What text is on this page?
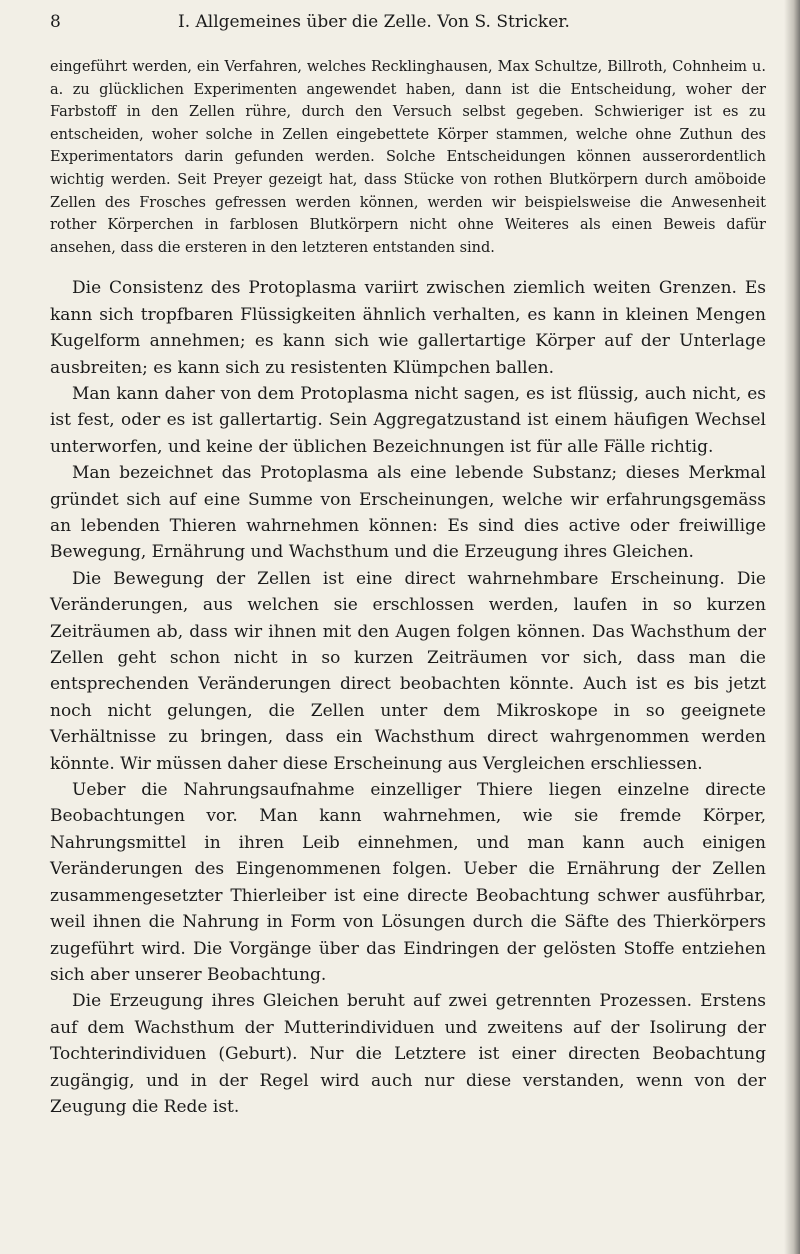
8	I. Allgemeines über die Zelle. Von S. Stricker.
eingeführt werden, ein Verfahren, welches Recklinghausen, Max Schultze, Billroth, Cohnheim u. a. zu glücklichen Experimenten angewendet haben, dann ist die Entscheidung, woher der Farbstoff in den Zellen rühre, durch den Versuch selbst gegeben. Schwieriger ist es zu entscheiden, woher solche in Zellen eingebettete Körper stammen, welche ohne Zuthun des Experimentators darin gefunden werden. Solche Entscheidungen können ausserordentlich wichtig werden. Seit Preyer gezeigt hat, dass Stücke von rothen Blutkörpern durch amöboide Zellen des Frosches gefressen werden können, werden wir beispielsweise die Anwesenheit rother Körperchen in farblosen Blutkörpern nicht ohne Weiteres als einen Beweis dafür ansehen, dass die ersteren in den letzteren entstanden sind.

Die Consistenz des Protoplasma variirt zwischen ziemlich weiten Grenzen. Es kann sich tropfbaren Flüssigkeiten ähnlich verhalten, es kann in kleinen Mengen Kugelform annehmen; es kann sich wie gallertartige Körper auf der Unterlage ausbreiten; es kann sich zu resistenten Klümpchen ballen.

Man kann daher von dem Protoplasma nicht sagen, es ist flüssig, auch nicht, es ist fest, oder es ist gallertartig. Sein Aggregatzustand ist einem häufigen Wechsel unterworfen, und keine der üblichen Bezeichnungen ist für alle Fälle richtig.

Man bezeichnet das Protoplasma als eine lebende Substanz; dieses Merkmal gründet sich auf eine Summe von Erscheinungen, welche wir erfahrungsgemäss an lebenden Thieren wahrnehmen können: Es sind dies active oder freiwillige Bewegung, Ernährung und Wachsthum und die Erzeugung ihres Gleichen.

Die Bewegung der Zellen ist eine direct wahrnehmbare Erscheinung. Die Veränderungen, aus welchen sie erschlossen werden, laufen in so kurzen Zeiträumen ab, dass wir ihnen mit den Augen folgen können. Das Wachsthum der Zellen geht schon nicht in so kurzen Zeiträumen vor sich, dass man die entsprechenden Veränderungen direct beobachten könnte. Auch ist es bis jetzt noch nicht gelungen, die Zellen unter dem Mikroskope in so geeignete Verhältnisse zu bringen, dass ein Wachsthum direct wahrgenommen werden könnte. Wir müssen daher diese Erscheinung aus Vergleichen erschliessen.

Ueber die Nahrungsaufnahme einzelliger Thiere liegen einzelne directe Beobachtungen vor. Man kann wahrnehmen, wie sie fremde Körper, Nahrungsmittel in ihren Leib einnehmen, und man kann auch einigen Veränderungen des Eingenommenen folgen. Ueber die Ernährung der Zellen zusammengesetzter Thierleiber ist eine directe Beobachtung schwer ausführbar, weil ihnen die Nahrung in Form von Lösungen durch die Säfte des Thierkörpers zugeführt wird. Die Vorgänge über das Eindringen der gelösten Stoffe entziehen sich aber unserer Beobachtung.

Die Erzeugung ihres Gleichen beruht auf zwei getrennten Prozessen. Erstens auf dem Wachsthum der Mutterindividuen und zweitens auf der Isolirung der Tochterindividuen (Geburt). Nur die Letztere ist einer directen Beobachtung zugängig, und in der Regel wird auch nur diese verstanden, wenn von der Zeugung die Rede ist.
